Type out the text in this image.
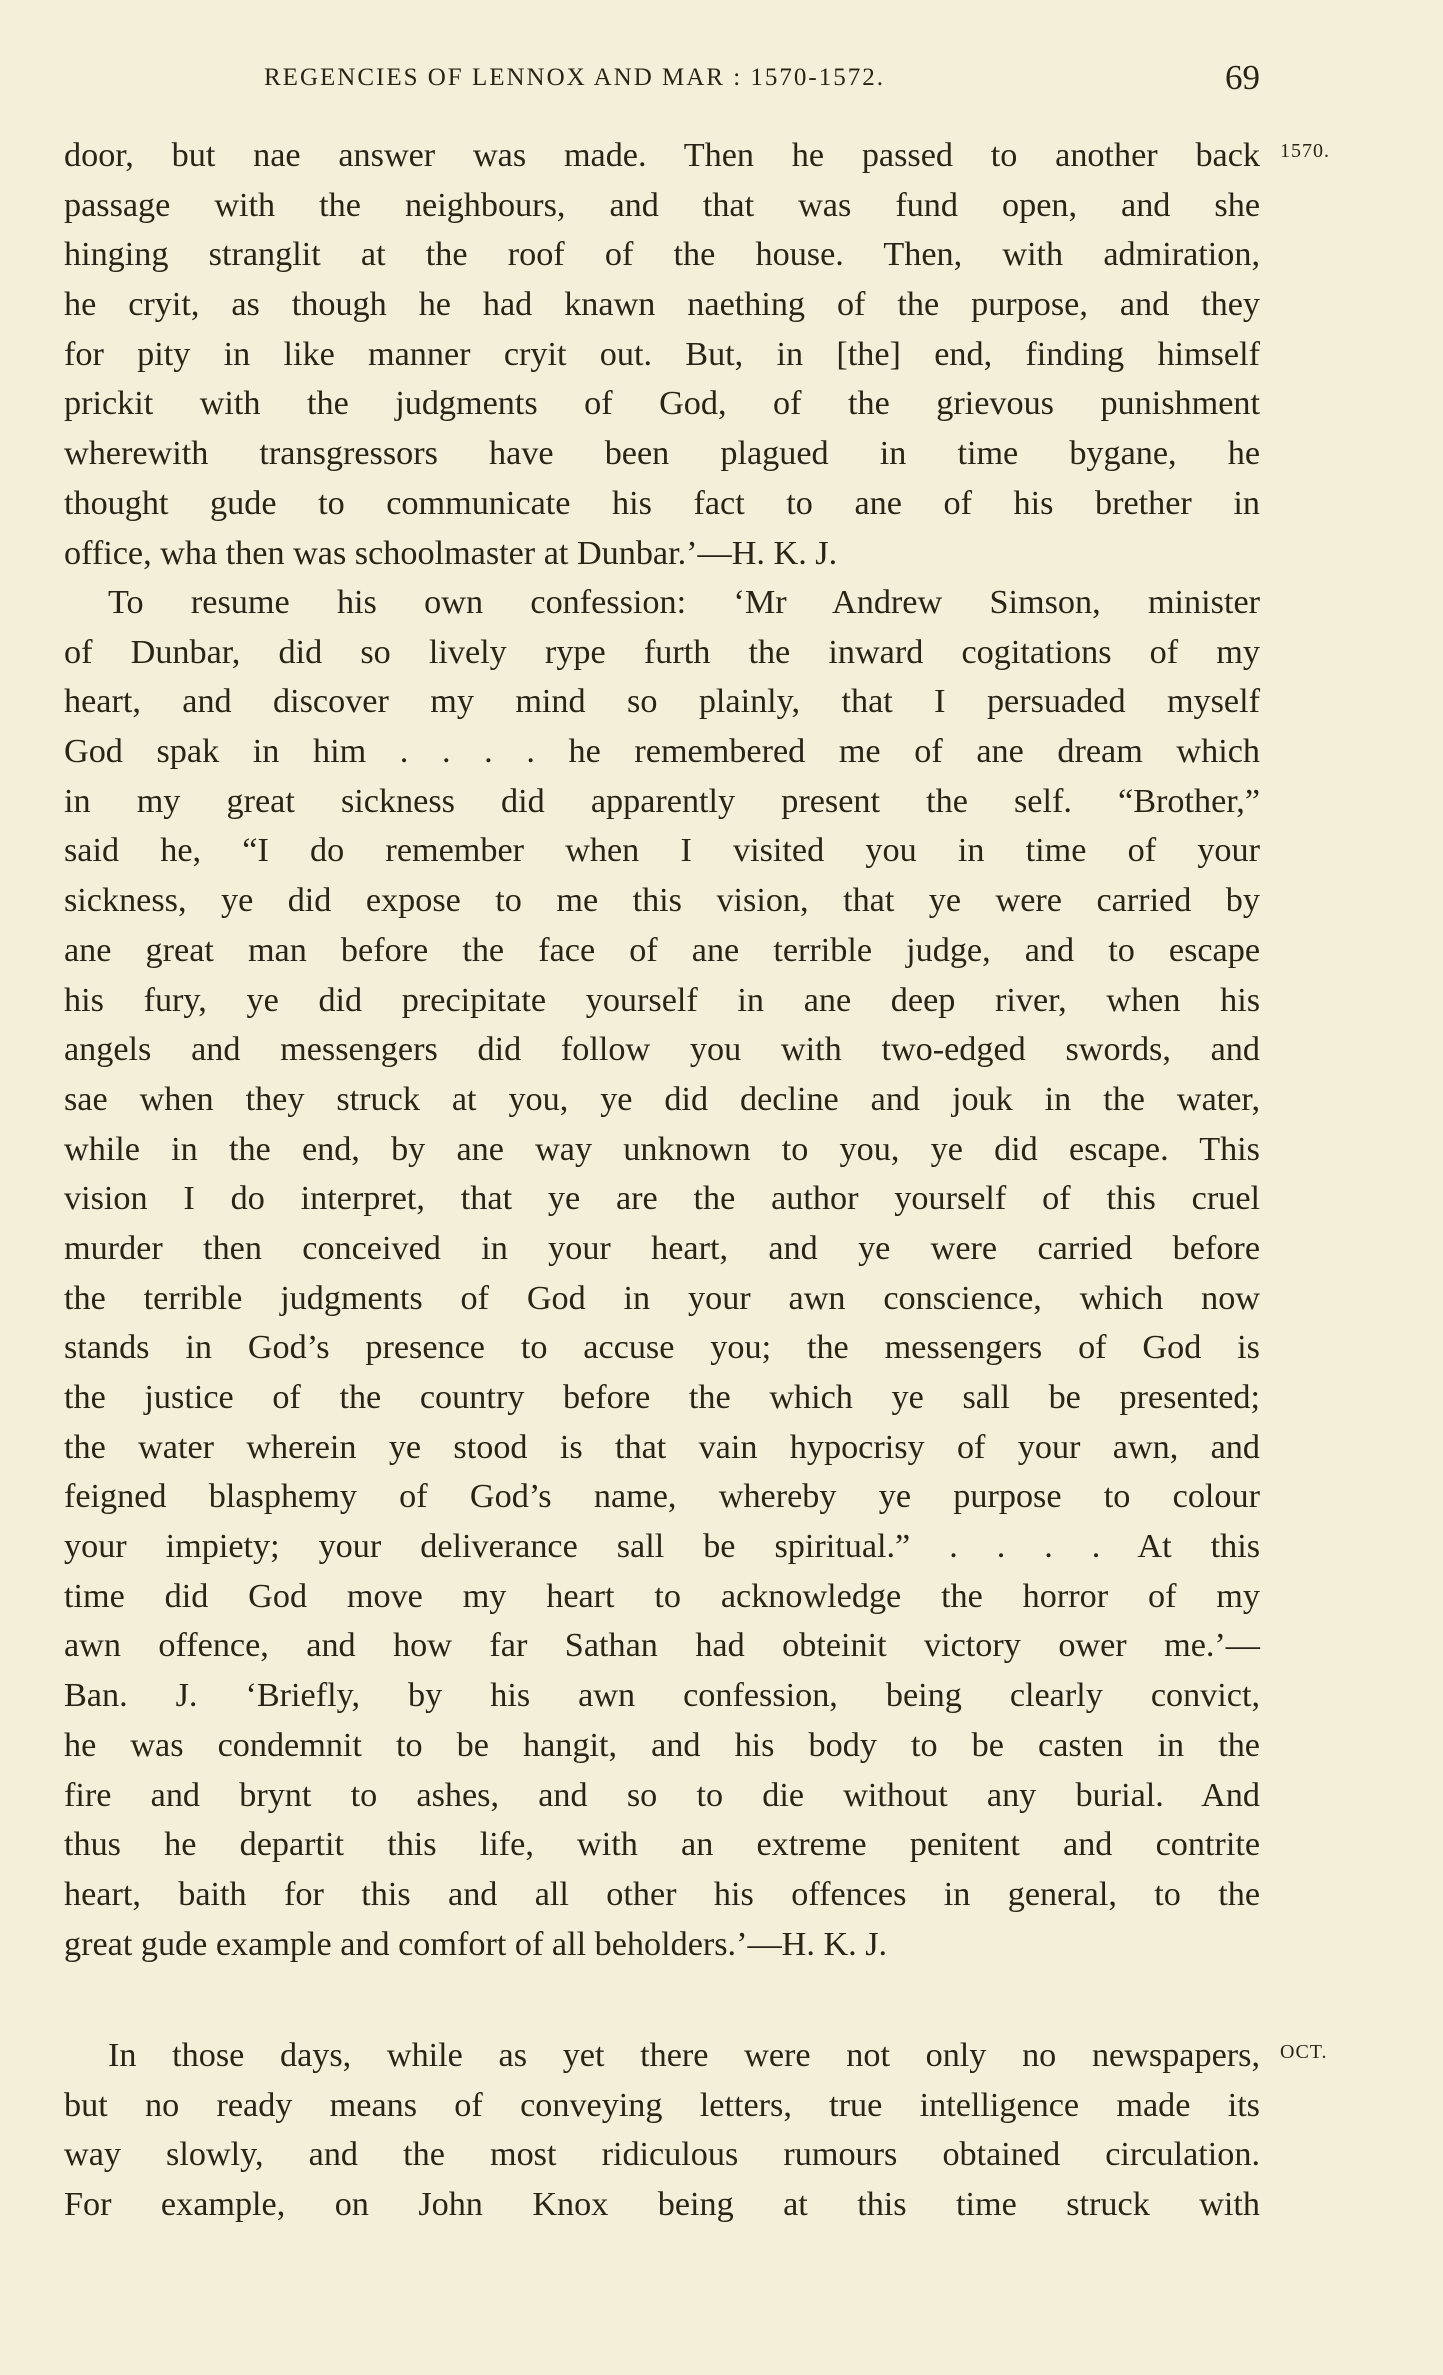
REGENCIES OF LENNOX AND MAR : 1570-1572.	69
1570.
OCT.
door, but nae answer was made. Then he passed to another back
passage with the neighbours, and that was fund open, and she
hinging stranglit at the roof of the house. Then, with admiration,
he cryit, as though he had knawn naething of the purpose, and they
for pity in like manner cryit out. But, in [the] end, finding himself
prickit with the judgments of God, of the grievous punishment
wherewith transgressors have been plagued in time bygane, he
thought gude to communicate his fact to ane of his brether in
office, wha then was schoolmaster at Dunbar.’—H. K. J.
To resume his own confession: ‘Mr Andrew Simson, minister
of Dunbar, did so lively rype furth the inward cogitations of my
heart, and discover my mind so plainly, that I persuaded myself
God spak in him . . . . he remembered me of ane dream which
in my great sickness did apparently present the self. “Brother,”
said he, “I do remember when I visited you in time of your
sickness, ye did expose to me this vision, that ye were carried by
ane great man before the face of ane terrible judge, and to escape
his fury, ye did precipitate yourself in ane deep river, when his
angels and messengers did follow you with two-edged swords, and
sae when they struck at you, ye did decline and jouk in the water,
while in the end, by ane way unknown to you, ye did escape. This
vision I do interpret, that ye are the author yourself of this cruel
murder then conceived in your heart, and ye were carried before
the terrible judgments of God in your awn conscience, which now
stands in God’s presence to accuse you; the messengers of God is
the justice of the country before the which ye sall be presented;
the water wherein ye stood is that vain hypocrisy of your awn, and
feigned blasphemy of God’s name, whereby ye purpose to colour
your impiety; your deliverance sall be spiritual.” . . . . At this
time did God move my heart to acknowledge the horror of my
awn offence, and how far Sathan had obteinit victory ower me.’—
Ban. J. ‘Briefly, by his awn confession, being clearly convict,
he was condemnit to be hangit, and his body to be casten in the
fire and brynt to ashes, and so to die without any burial. And
thus he departit this life, with an extreme penitent and contrite
heart, baith for this and all other his offences in general, to the
great gude example and comfort of all beholders.’—H. K. J.
In those days, while as yet there were not only no newspapers,
but no ready means of conveying letters, true intelligence made its
way slowly, and the most ridiculous rumours obtained circulation.
For example, on John Knox being at this time struck with
